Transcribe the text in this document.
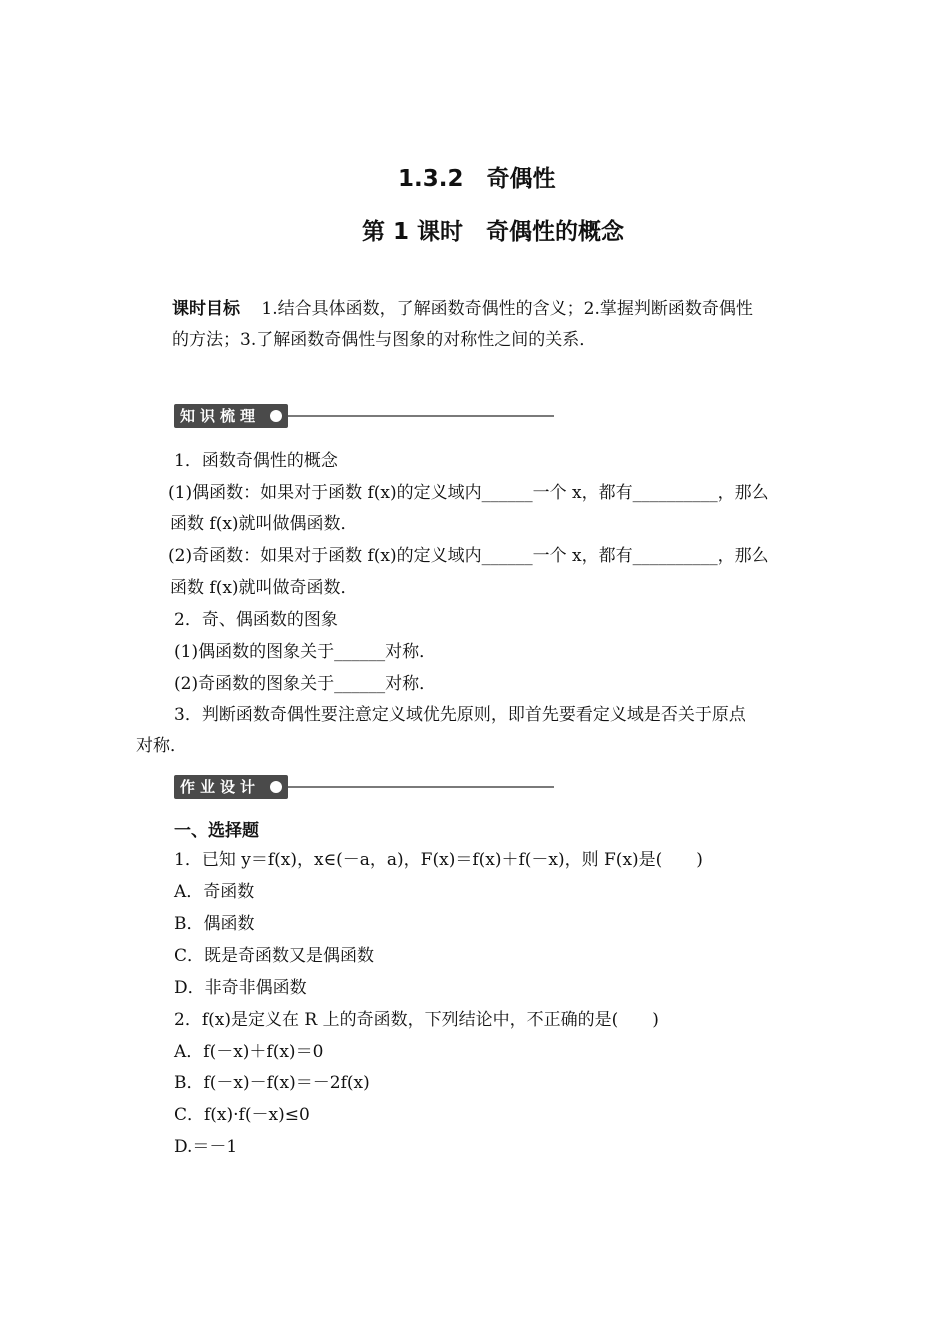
1.3.2　奇偶性
第 1 课时　奇偶性的概念
课时目标 1.结合具体函数，了解函数奇偶性的含义；2.掌握判断函数奇偶性
的方法；3.了解函数奇偶性与图象的对称性之间的关系．
知识梳理
1．函数奇偶性的概念
(1)偶函数：如果对于函数 f(x)的定义域内______一个 x，都有__________，那么
函数 f(x)就叫做偶函数．
(2)奇函数：如果对于函数 f(x)的定义域内______一个 x，都有__________，那么
函数 f(x)就叫做奇函数．
2．奇、偶函数的图象
(1)偶函数的图象关于______对称．
(2)奇函数的图象关于______对称．
3．判断函数奇偶性要注意定义域优先原则，即首先要看定义域是否关于原点
对称．
作业设计
一、选择题
1．已知 y＝f(x)，x∈(－a，a)，F(x)＝f(x)＋f(－x)，则 F(x)是(　　)
A．奇函数
B．偶函数
C．既是奇函数又是偶函数
D．非奇非偶函数
2．f(x)是定义在 R 上的奇函数，下列结论中，不正确的是(　　)
A．f(－x)＋f(x)＝0
B．f(－x)－f(x)＝－2f(x)
C．f(x)·f(－x)≤0
D.＝－1
